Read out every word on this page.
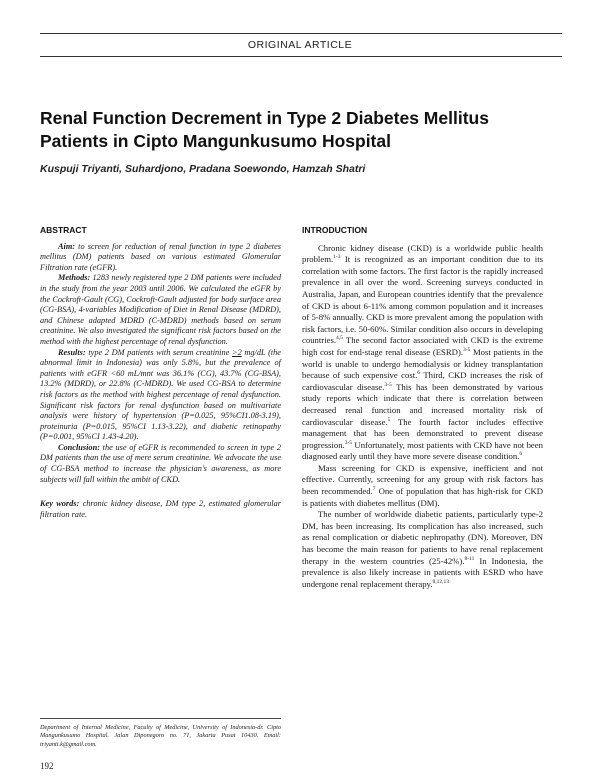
ORIGINAL ARTICLE
Renal Function Decrement in Type 2 Diabetes Mellitus Patients in Cipto Mangunkusumo Hospital
Kuspuji Triyanti, Suhardjono, Pradana Soewondo, Hamzah Shatri
ABSTRACT

Aim: to screen for reduction of renal function in type 2 diabetes mellitus (DM) patients based on various estimated Glomerular Filtration rate (eGFR).

Methods: 1283 newly registered type 2 DM patients were included in the study from the year 2003 until 2006. We calculated the eGFR by the Cockroft-Gault (CG), Cockroft-Gault adjusted for body surface area (CG-BSA), 4-variables Modification of Diet in Renal Disease (MDRD), and Chinese adapted MDRD (C-MDRD) methods based on serum creatinine. We also investigated the significant risk factors based on the method with the highest percentage of renal dysfunction.

Results: type 2 DM patients with serum creatinine >2 mg/dL (the abnormal limit in Indonesia) was only 5.8%, but the prevalence of patients with eGFR <60 mL/mnt was 36.1% (CG), 43.7% (CG-BSA), 13.2% (MDRD), or 22.8% (C-MDRD). We used CG-BSA to determine risk factors as the method with highest percentage of renal dysfunction. Significant risk factors for renal dysfunction based on multivariate analysis were history of hypertension (P=0.025, 95%CI1.08-3.19), proteinuria (P=0.015, 95%CI 1.13-3.22), and diabetic retinopathy (P=0.001, 95%CI 1.43-4.20).

Conclusion: the use of eGFR is recommended to screen in type 2 DM patients than the use of mere serum creatinine. We advocate the use of CG-BSA method to increase the physician's awareness, as more subjects will fall within the ambit of CKD.

Key words: chronic kidney disease, DM type 2, estimated glomerular filtration rate.

INTRODUCTION

Chronic kidney disease (CKD) is a worldwide public health problem.$^{1-3}$ It is recognized as an important condition due to its correlation with some factors. The first factor is the rapidly increased prevalence in all over the word. Screening surveys conducted in Australia, Japan, and European countries identify that the prevalence of CKD is about 6-11% among common population and it increases of 5-8% annually. CKD is more prevalent among the population with risk factors, i.e. 50-60%. Similar condition also occurs in developing countries.$^{4,5}$ The second factor associated with CKD is the extreme high cost for end-stage renal disease (ESRD).$^{3-5}$ Most patients in the world is unable to undergo hemodialysis or kidney transplantation because of such expensive cost.$^6$ Third, CKD increases the risk of cardiovascular disease.$^{3-5}$ This has been demonstrated by various study reports which indicate that there is correlation between decreased renal function and increased mortality risk of cardiovascular disease.$^5$ The fourth factor includes effective management that has been demonstrated to prevent disease progression.$^{3-5}$ Unfortunately, most patients with CKD have not been diagnosed early until they have more severe disease condition.$^6$

Mass screening for CKD is expensive, inefficient and not effective. Currently, screening for any group with risk factors has been recommended.$^7$ One of population that has high-risk for CKD is patients with diabetes mellitus (DM).

The number of worldwide diabetic patients, particularly type-2 DM, has been increasing. Its complication has also increased, such as renal complication or diabetic nephropathy (DN). Moreover, DN has become the main reason for patients to have renal replacement therapy in the western countries (25-42%).$^{8-11}$ In Indonesia, the prevalence is also likely increase in patients with ESRD who have undergone renal replacement therapy.$^{8,12,13}$

Department of Internal Medicine, Faculty of Medicine, University of Indonesia-dr. Cipto Mangunkusumo Hospital. Jalan Diponegoro no. 71, Jakarta Pusat 10430. Email: triyanti.k@gmail.com.
192
